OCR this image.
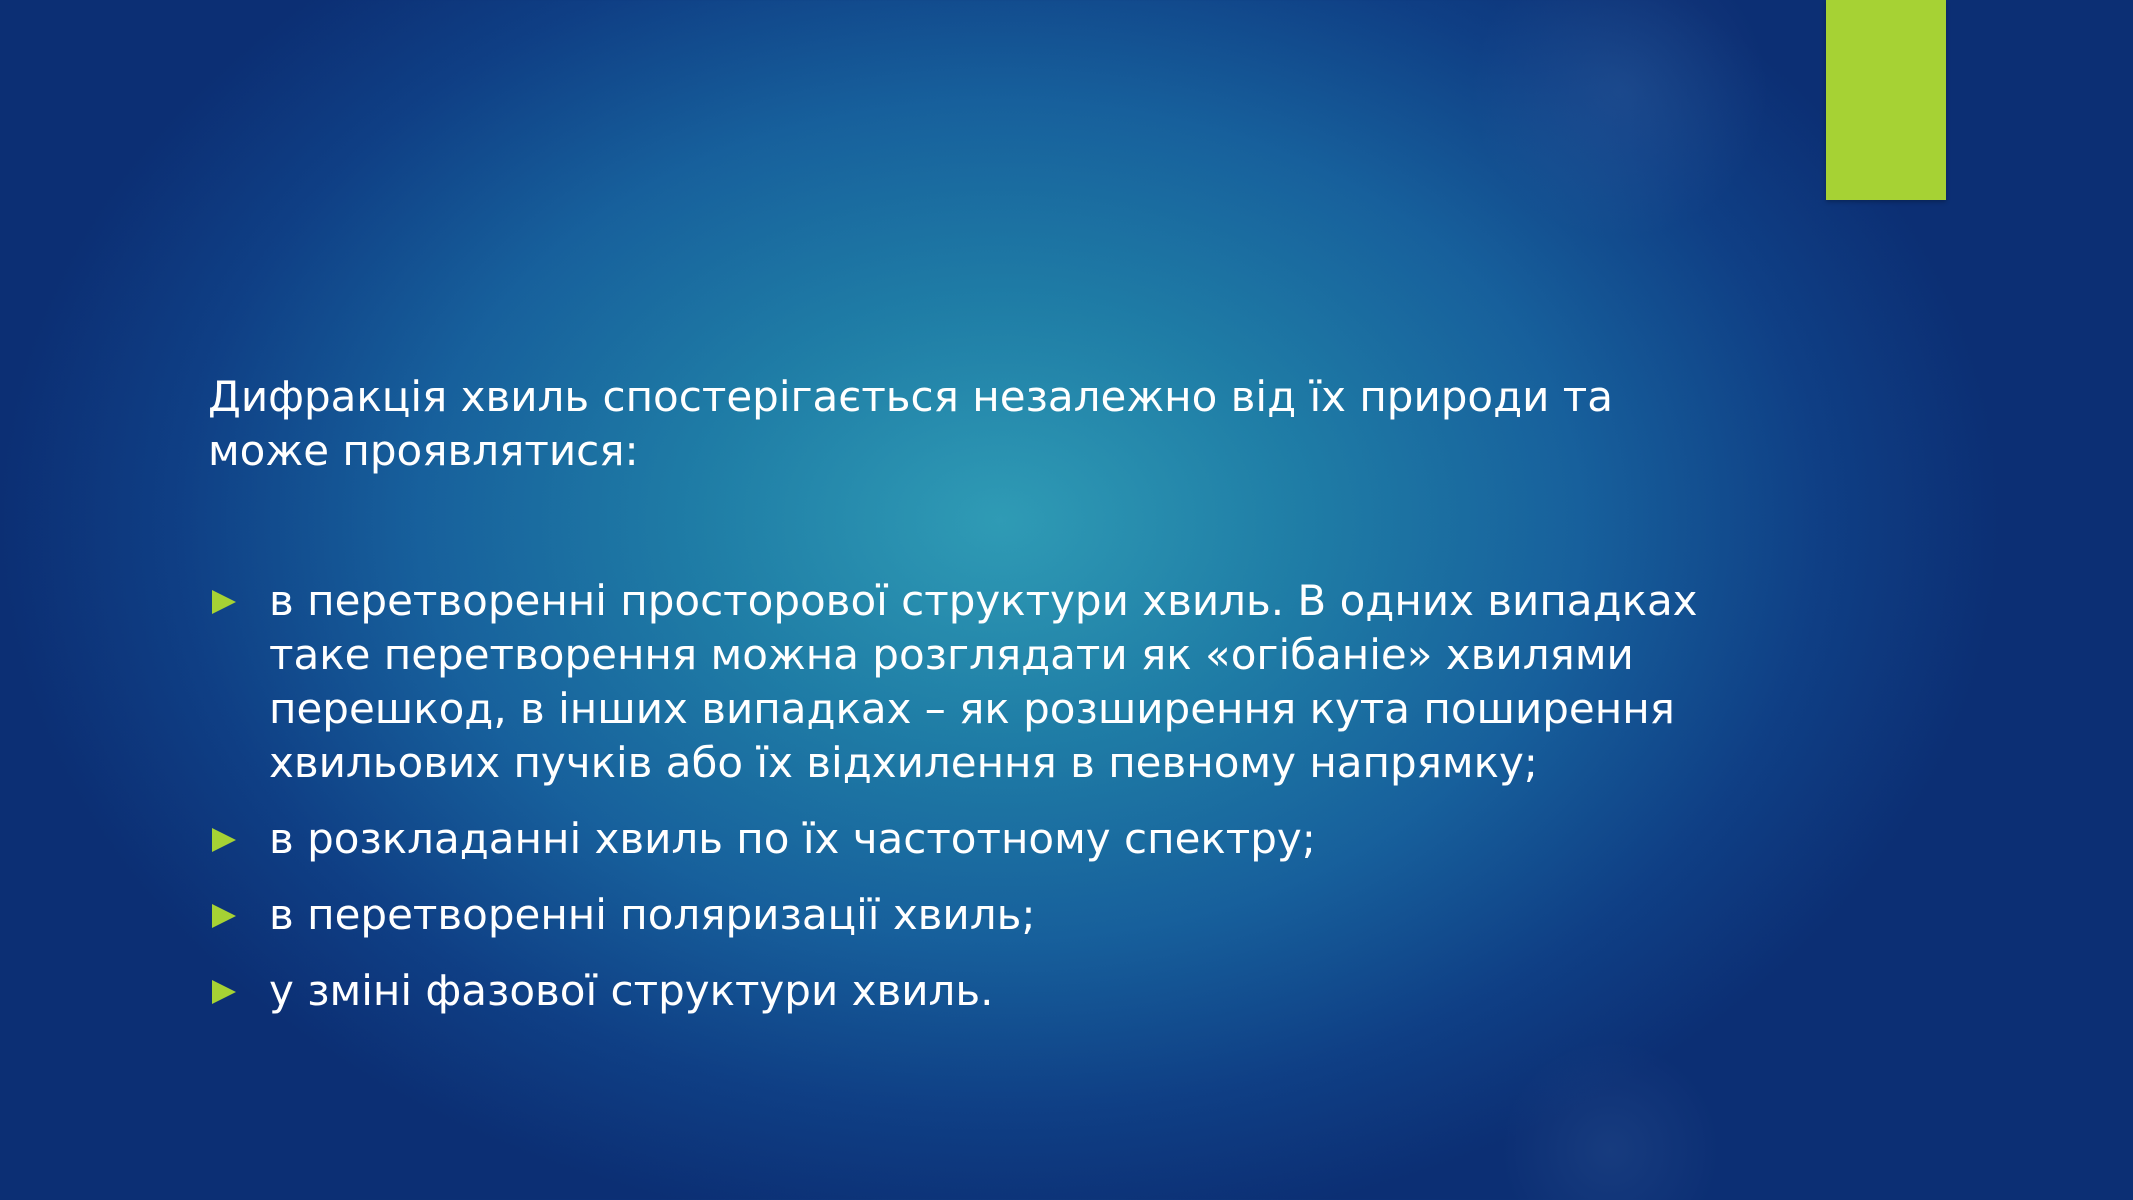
Дифракція хвиль спостерігається незалежно від їх природи та може проявлятися:

в перетворенні просторової структури хвиль. В одних випадках таке перетворення можна розглядати як «огібаніе» хвилями перешкод, в інших випадках – як розширення кута поширення хвильових пучків або їх відхилення в певному напрямку;
в розкладанні хвиль по їх частотному спектру;
в перетворенні поляризації хвиль;
у зміні фазової структури хвиль.
